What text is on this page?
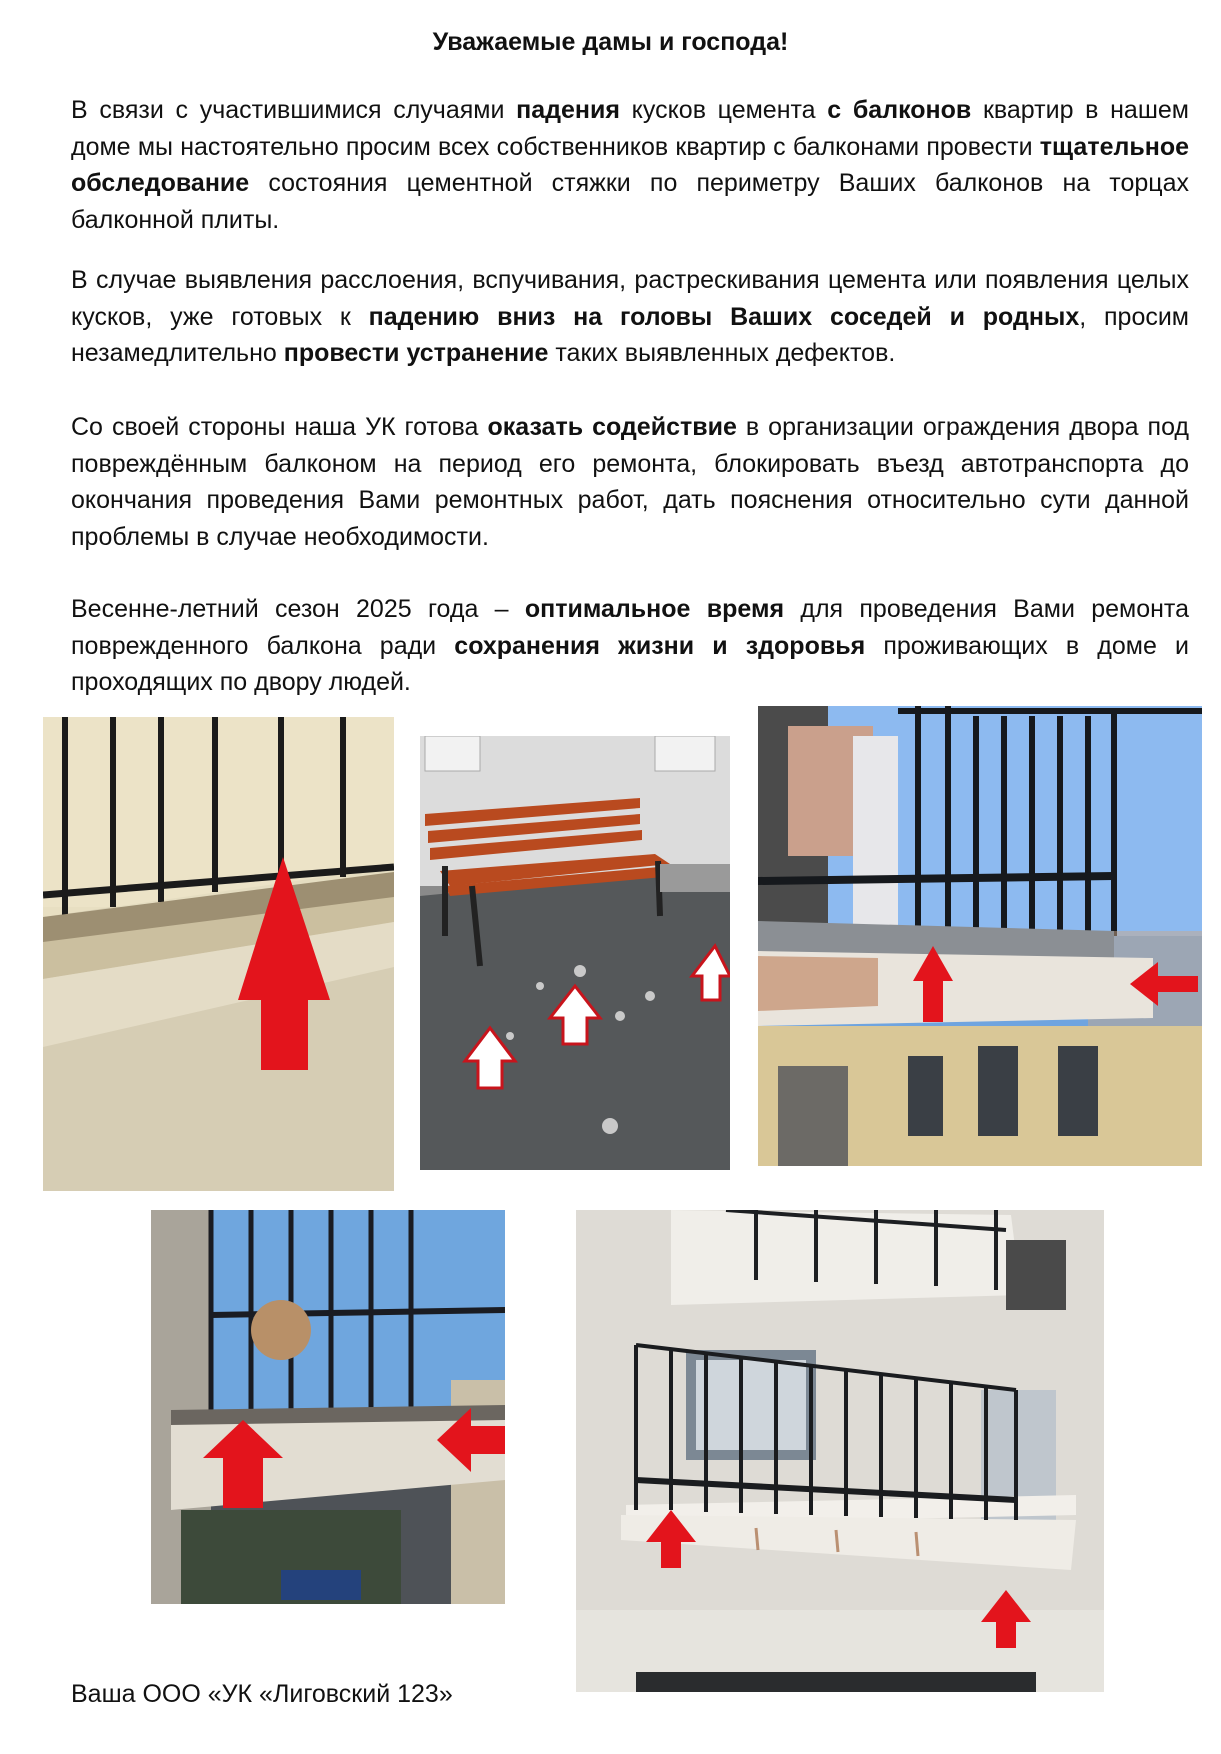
Уважаемые дамы и господа!

В связи с участившимися случаями падения кусков цемента с балконов квартир в нашем доме мы настоятельно просим всех собственников квартир с балконами провести тщательное обследование состояния цементной стяжки по периметру Ваших балконов на торцах балконной плиты.

В случае выявления расслоения, вспучивания, растрескивания цемента или появления целых кусков, уже готовых к падению вниз на головы Ваших соседей и родных, просим незамедлительно провести устранение таких выявленных дефектов.

Со своей стороны наша УК готова оказать содействие в организации ограждения двора под повреждённым балконом на период его ремонта, блокировать въезд автотранспорта до окончания проведения Вами ремонтных работ, дать пояснения относительно сути данной проблемы в случае необходимости.

Весенне-летний сезон 2025 года – оптимальное время для проведения Вами ремонта поврежденного балкона ради сохранения жизни и здоровья проживающих в доме и проходящих по двору людей.

Ваша ООО «УК «Лиговский 123»
